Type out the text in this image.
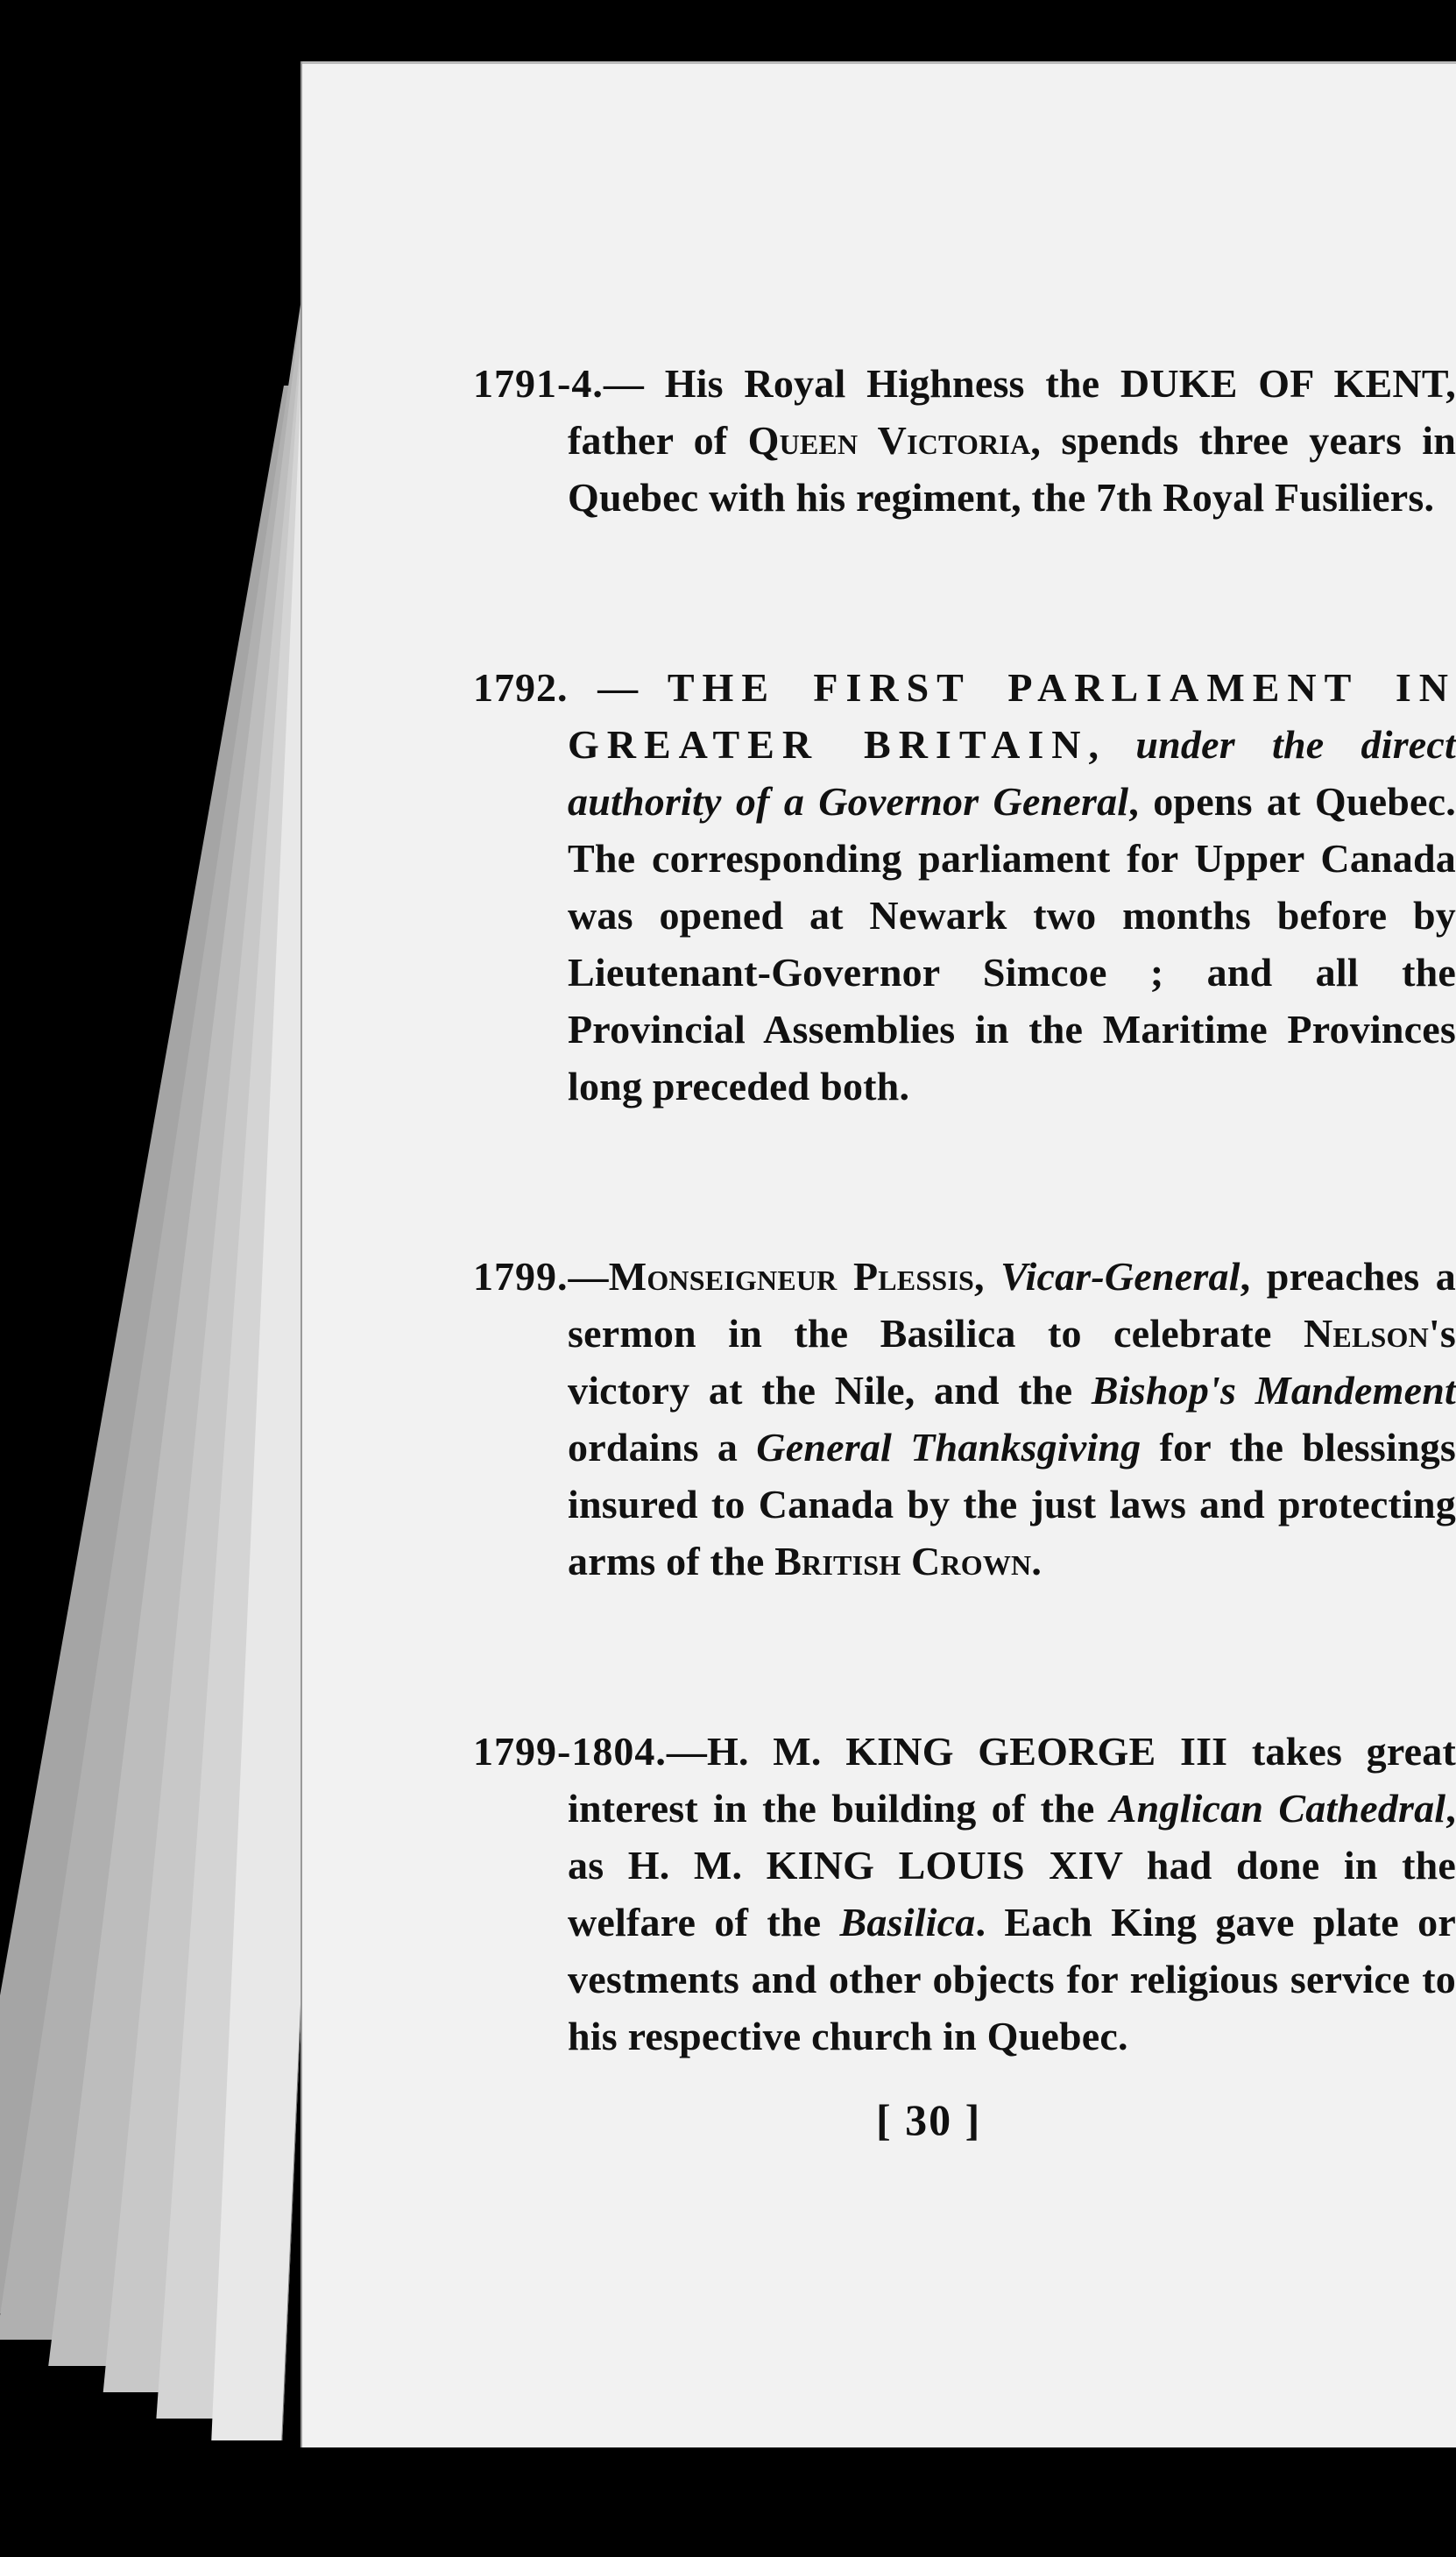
1791-4.— His Royal Highness the DUKE OF KENT, father of Queen Victoria, spends three years in Quebec with his regiment, the 7th Royal Fusiliers.

1792. — THE FIRST PARLIAMENT IN GREATER BRITAIN, under the direct authority of a Governor General, opens at Quebec. The corresponding parliament for Upper Canada was opened at Newark two months before by Lieutenant-Governor Simcoe ; and all the Provincial Assemblies in the Maritime Provinces long preceded both.

1799.—Monseigneur Plessis, Vicar-General, preaches a sermon in the Basilica to celebrate Nelson's victory at the Nile, and the Bishop's Mandement ordains a General Thanksgiving for the blessings insured to Canada by the just laws and protecting arms of the British Crown.

1799-1804.—H. M. KING GEORGE III takes great interest in the building of the Anglican Cathedral, as H. M. KING LOUIS XIV had done in the welfare of the Basilica. Each King gave plate or vestments and other objects for religious service to his respective church in Quebec.

[ 30 ]
